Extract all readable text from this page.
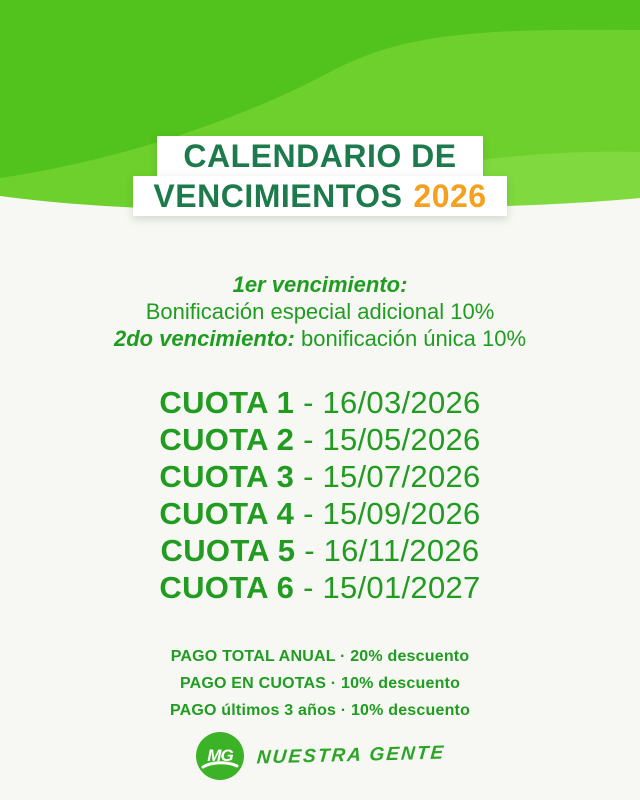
CALENDARIO DE
VENCIMIENTOS 2026
1er vencimiento:
Bonificación especial adicional 10%
2do vencimiento: bonificación única 10%
CUOTA 1 - 16/03/2026
CUOTA 2 - 15/05/2026
CUOTA 3 - 15/07/2026
CUOTA 4 - 15/09/2026
CUOTA 5 - 16/11/2026
CUOTA 6 - 15/01/2027
PAGO TOTAL ANUAL · 20% descuento
PAGO EN CUOTAS · 10% descuento
PAGO últimos 3 años · 10% descuento
MG NUESTRA GENTE
